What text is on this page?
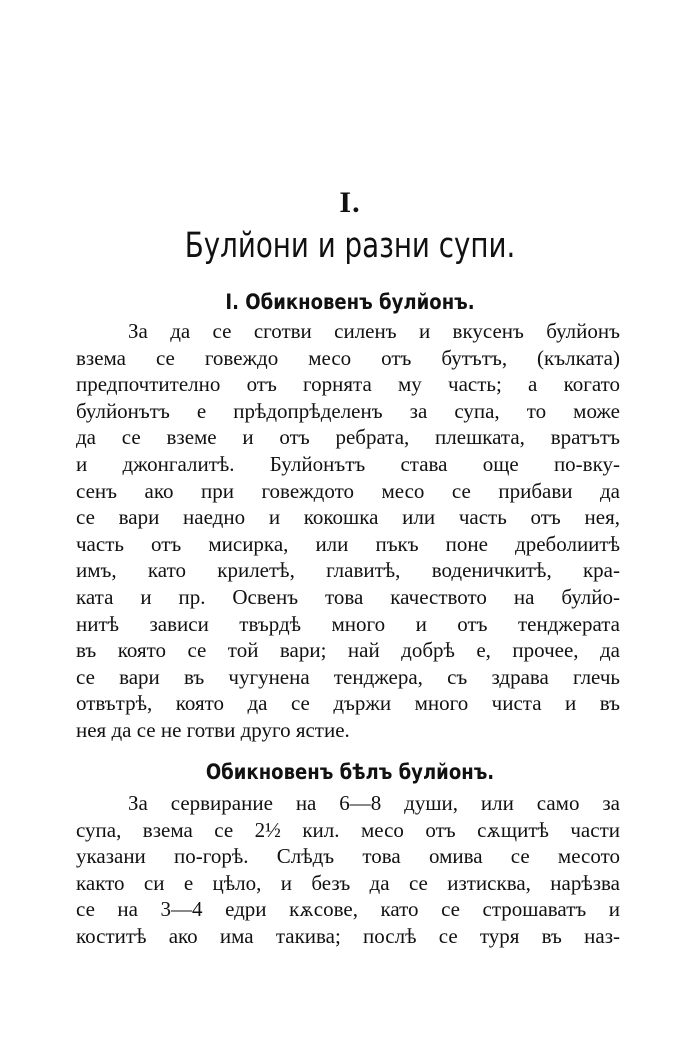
I.
Булйони и разни супи.
I. Обикновенъ булйонъ.
За да се сготви силенъ и вкусенъ булйонъ
взема се говеждо месо отъ бутътъ, (кълката)
предпочтително отъ горнята му часть; а когато
булйонътъ е прѣдопрѣделенъ за супа, то може
да се вземе и отъ ребрата, плешката, вратътъ
и джонгалитѣ. Булйонътъ става още по-вку-
сенъ ако при говеждото месо се прибави да
се вари наедно и кокошка или часть отъ нея,
часть отъ мисирка, или пъкъ поне дреболиитѣ
имъ, като крилетѣ, главитѣ, воденичкитѣ, кра-
ката и пр. Освенъ това качеството на булйо-
нитѣ зависи твърдѣ много и отъ тенджерата
въ която се той вари; най добрѣ е, прочее, да
се вари въ чугунена тенджера, съ здрава глечь
отвътрѣ, която да се държи много чиста и въ
нея да се не готви друго ястие.
Обикновенъ бѣлъ булйонъ.
За сервирание на 6—8 души, или само за
супа, взема се 2½ кил. месо отъ сѫщитѣ части
указани по-горѣ. Слѣдъ това омива се месото
както си е цѣло, и безъ да се изтисква, нарѣзва
се на 3—4 едри кѫсове, като се строшаватъ и
коститѣ ако има такива; послѣ се туря въ наз-
